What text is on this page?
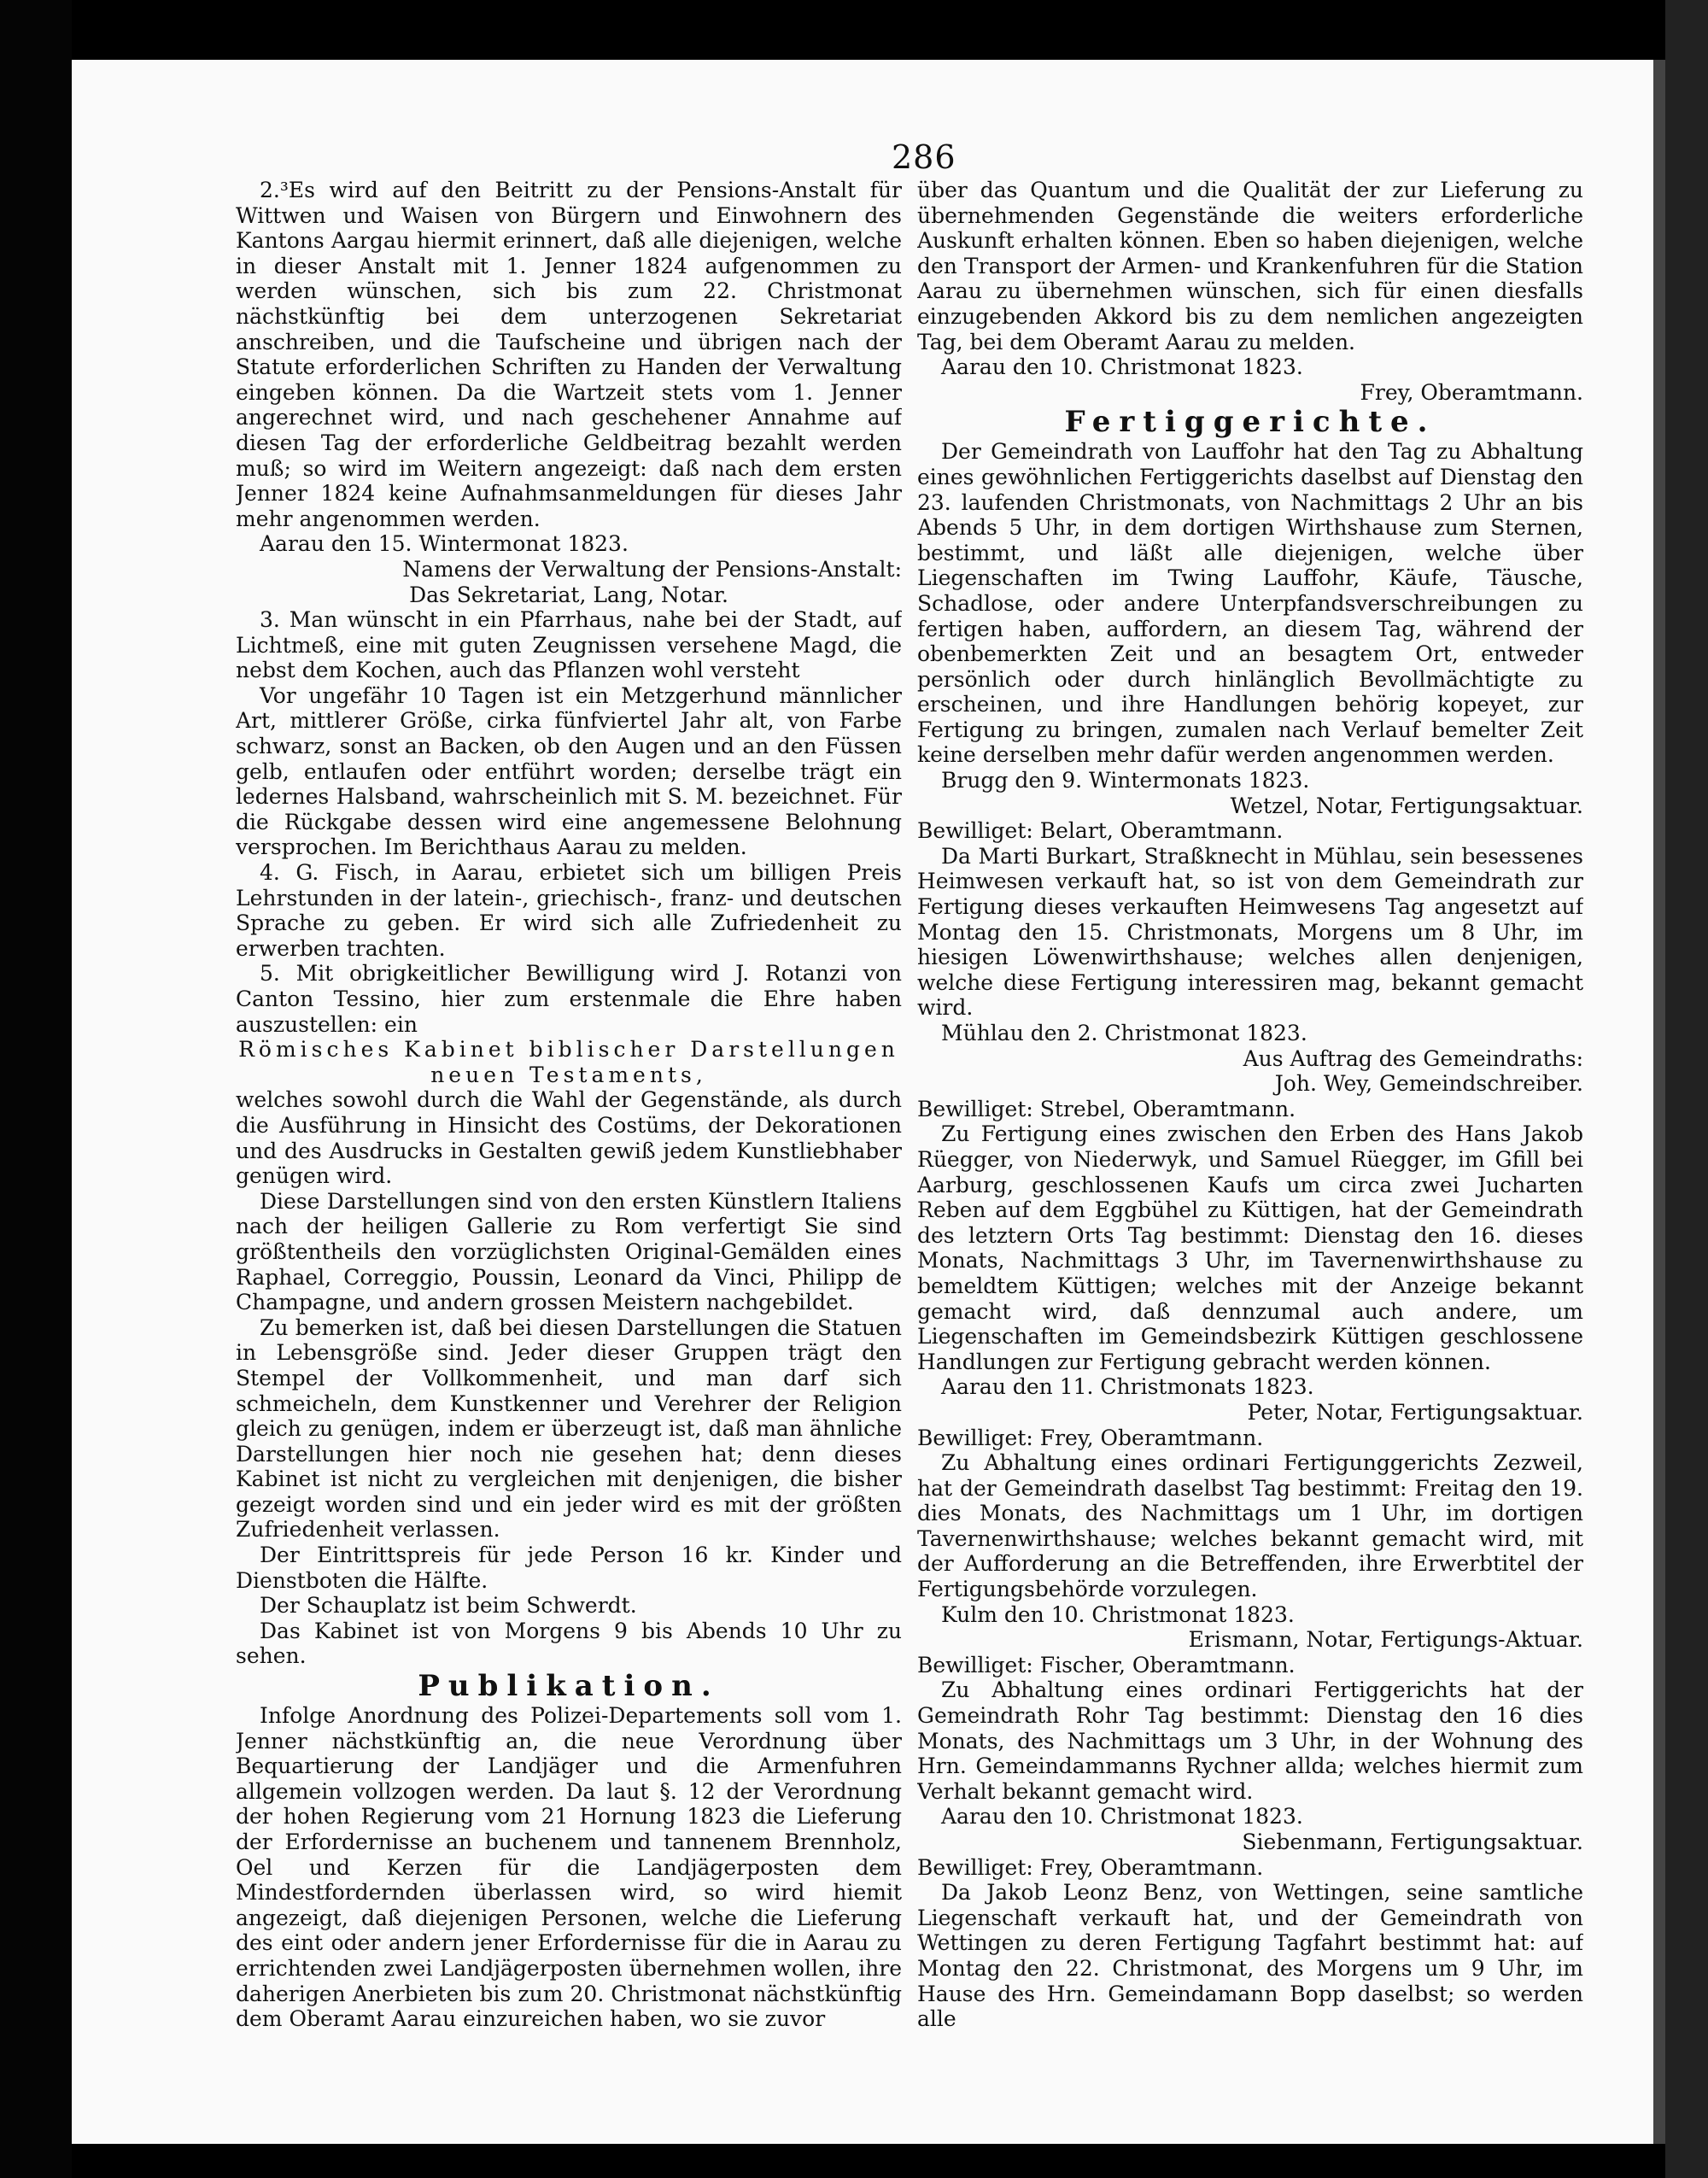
286

2.³Es wird auf den Beitritt zu der Pensions-Anstalt für Wittwen und Waisen von Bürgern und Einwohnern des Kantons Aargau hiermit erinnert, daß alle diejenigen, welche in dieser Anstalt mit 1. Jenner 1824 aufgenommen zu werden wünschen, sich bis zum 22. Christmonat nächstkünftig bei dem unterzogenen Sekretariat anschreiben, und die Taufscheine und übrigen nach der Statute erforderlichen Schriften zu Handen der Verwaltung eingeben können. Da die Wartzeit stets vom 1. Jenner angerechnet wird, und nach geschehener Annahme auf diesen Tag der erforderliche Geldbeitrag bezahlt werden muß; so wird im Weitern angezeigt: daß nach dem ersten Jenner 1824 keine Aufnahmsanmeldungen für dieses Jahr mehr angenommen werden.

Aarau den 15. Wintermonat 1823.

Namens der Verwaltung der Pensions-Anstalt:

Das Sekretariat, Lang, Notar.

3. Man wünscht in ein Pfarrhaus, nahe bei der Stadt, auf Lichtmeß, eine mit guten Zeugnissen versehene Magd, die nebst dem Kochen, auch das Pflanzen wohl versteht

Vor ungefähr 10 Tagen ist ein Metzgerhund männlicher Art, mittlerer Größe, cirka fünfviertel Jahr alt, von Farbe schwarz, sonst an Backen, ob den Augen und an den Füssen gelb, entlaufen oder entführt worden; derselbe trägt ein ledernes Halsband, wahrscheinlich mit S. M. bezeichnet. Für die Rückgabe dessen wird eine angemessene Belohnung versprochen. Im Berichthaus Aarau zu melden.

4. G. Fisch, in Aarau, erbietet sich um billigen Preis Lehrstunden in der latein-, griechisch-, franz- und deutschen Sprache zu geben. Er wird sich alle Zufriedenheit zu erwerben trachten.

5. Mit obrigkeitlicher Bewilligung wird J. Rotanzi von Canton Tessino, hier zum erstenmale die Ehre haben auszustellen: ein

Römisches Kabinet biblischer Darstellungen

neuen Testaments,

welches sowohl durch die Wahl der Gegenstände, als durch die Ausführung in Hinsicht des Costüms, der Dekorationen und des Ausdrucks in Gestalten gewiß jedem Kunstliebhaber genügen wird.

Diese Darstellungen sind von den ersten Künstlern Italiens nach der heiligen Gallerie zu Rom verfertigt Sie sind größtentheils den vorzüglichsten Original-Gemälden eines Raphael, Correggio, Poussin, Leonard da Vinci, Philipp de Champagne, und andern grossen Meistern nachgebildet.

Zu bemerken ist, daß bei diesen Darstellungen die Statuen in Lebensgröße sind. Jeder dieser Gruppen trägt den Stempel der Vollkommenheit, und man darf sich schmeicheln, dem Kunstkenner und Verehrer der Religion gleich zu genügen, indem er überzeugt ist, daß man ähnliche Darstellungen hier noch nie gesehen hat; denn dieses Kabinet ist nicht zu vergleichen mit denjenigen, die bisher gezeigt worden sind und ein jeder wird es mit der größten Zufriedenheit verlassen.

Der Eintrittspreis für jede Person 16 kr. Kinder und Dienstboten die Hälfte.

Der Schauplatz ist beim Schwerdt.

Das Kabinet ist von Morgens 9 bis Abends 10 Uhr zu sehen.

Publikation.

Infolge Anordnung des Polizei-Departements soll vom 1. Jenner nächstkünftig an, die neue Verordnung über Bequartierung der Landjäger und die Armenfuhren allgemein vollzogen werden. Da laut §. 12 der Verordnung der hohen Regierung vom 21 Hornung 1823 die Lieferung der Erfordernisse an buchenem und tannenem Brennholz, Oel und Kerzen für die Landjägerposten dem Mindestfordernden überlassen wird, so wird hiemit angezeigt, daß diejenigen Personen, welche die Lieferung des eint oder andern jener Erfordernisse für die in Aarau zu errichtenden zwei Landjägerposten übernehmen wollen, ihre daherigen Anerbieten bis zum 20. Christmonat nächstkünftig dem Oberamt Aarau einzureichen haben, wo sie zuvor

über das Quantum und die Qualität der zur Lieferung zu übernehmenden Gegenstände die weiters erforderliche Auskunft erhalten können. Eben so haben diejenigen, welche den Transport der Armen- und Krankenfuhren für die Station Aarau zu übernehmen wünschen, sich für einen diesfalls einzugebenden Akkord bis zu dem nemlichen angezeigten Tag, bei dem Oberamt Aarau zu melden.

Aarau den 10. Christmonat 1823.

Frey, Oberamtmann.

Fertiggerichte.

Der Gemeindrath von Lauffohr hat den Tag zu Abhaltung eines gewöhnlichen Fertiggerichts daselbst auf Dienstag den 23. laufenden Christmonats, von Nachmittags 2 Uhr an bis Abends 5 Uhr, in dem dortigen Wirthshause zum Sternen, bestimmt, und läßt alle diejenigen, welche über Liegenschaften im Twing Lauffohr, Käufe, Täusche, Schadlose, oder andere Unterpfandsverschreibungen zu fertigen haben, auffordern, an diesem Tag, während der obenbemerkten Zeit und an besagtem Ort, entweder persönlich oder durch hinlänglich Bevollmächtigte zu erscheinen, und ihre Handlungen behörig kopeyet, zur Fertigung zu bringen, zumalen nach Verlauf bemelter Zeit keine derselben mehr dafür werden angenommen werden.

Brugg den 9. Wintermonats 1823.

Wetzel, Notar, Fertigungsaktuar.

Bewilliget: Belart, Oberamtmann.

Da Marti Burkart, Straßknecht in Mühlau, sein besessenes Heimwesen verkauft hat, so ist von dem Gemeindrath zur Fertigung dieses verkauften Heimwesens Tag angesetzt auf Montag den 15. Christmonats, Morgens um 8 Uhr, im hiesigen Löwenwirthshause; welches allen denjenigen, welche diese Fertigung interessiren mag, bekannt gemacht wird.

Mühlau den 2. Christmonat 1823.

Aus Auftrag des Gemeindraths:

Joh. Wey, Gemeindschreiber.

Bewilliget: Strebel, Oberamtmann.

Zu Fertigung eines zwischen den Erben des Hans Jakob Rüegger, von Niederwyk, und Samuel Rüegger, im Gfill bei Aarburg, geschlossenen Kaufs um circa zwei Jucharten Reben auf dem Eggbühel zu Küttigen, hat der Gemeindrath des letztern Orts Tag bestimmt: Dienstag den 16. dieses Monats, Nachmittags 3 Uhr, im Tavernenwirthshause zu bemeldtem Küttigen; welches mit der Anzeige bekannt gemacht wird, daß dennzumal auch andere, um Liegenschaften im Gemeindsbezirk Küttigen geschlossene Handlungen zur Fertigung gebracht werden können.

Aarau den 11. Christmonats 1823.

Peter, Notar, Fertigungsaktuar.

Bewilliget: Frey, Oberamtmann.

Zu Abhaltung eines ordinari Fertigunggerichts Zezweil, hat der Gemeindrath daselbst Tag bestimmt: Freitag den 19. dies Monats, des Nachmittags um 1 Uhr, im dortigen Tavernenwirthshause; welches bekannt gemacht wird, mit der Aufforderung an die Betreffenden, ihre Erwerbtitel der Fertigungsbehörde vorzulegen.

Kulm den 10. Christmonat 1823.

Erismann, Notar, Fertigungs-Aktuar.

Bewilliget: Fischer, Oberamtmann.

Zu Abhaltung eines ordinari Fertiggerichts hat der Gemeindrath Rohr Tag bestimmt: Dienstag den 16 dies Monats, des Nachmittags um 3 Uhr, in der Wohnung des Hrn. Gemeindammanns Rychner allda; welches hiermit zum Verhalt bekannt gemacht wird.

Aarau den 10. Christmonat 1823.

Siebenmann, Fertigungsaktuar.

Bewilliget: Frey, Oberamtmann.

Da Jakob Leonz Benz, von Wettingen, seine samtliche Liegenschaft verkauft hat, und der Gemeindrath von Wettingen zu deren Fertigung Tagfahrt bestimmt hat: auf Montag den 22. Christmonat, des Morgens um 9 Uhr, im Hause des Hrn. Gemeindamann Bopp daselbst; so werden alle
